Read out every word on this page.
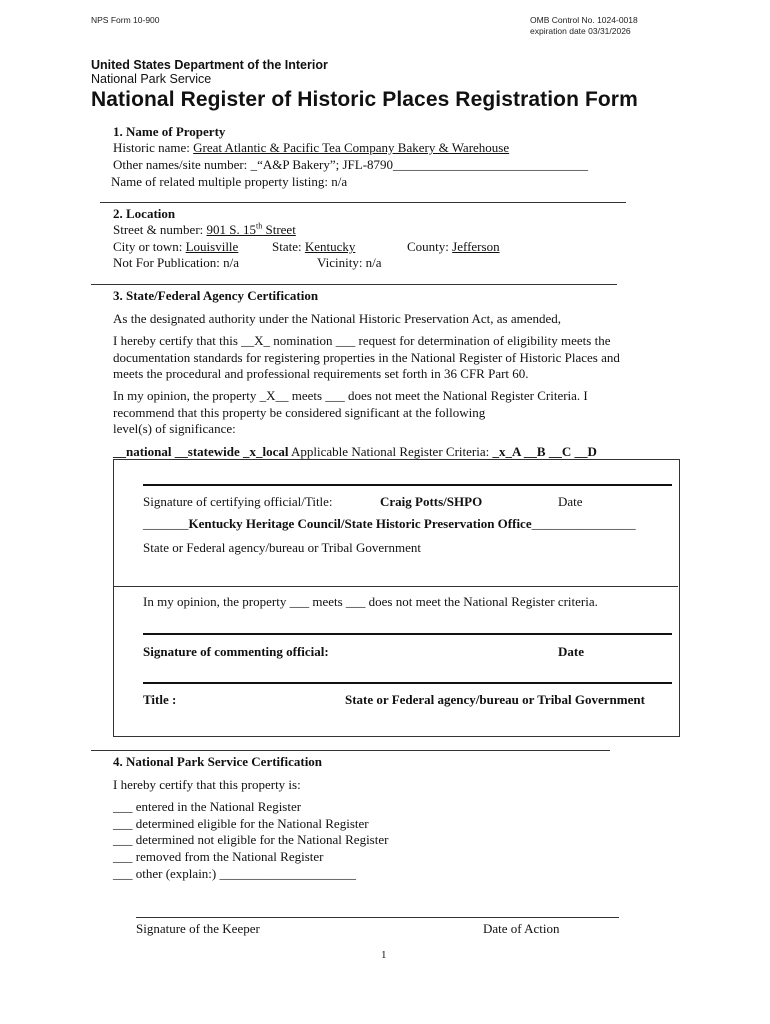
NPS Form 10-900	OMB Control No. 1024-0018
expiration date 03/31/2026
United States Department of the Interior
National Park Service
National Register of Historic Places Registration Form
1. Name of Property
Historic name: Great Atlantic & Pacific Tea Company Bakery & Warehouse
Other names/site number: _“A&P Bakery”; JFL-8790______________________________
Name of related multiple property listing: n/a
2. Location
Street & number: 901 S. 15th Street
City or town: Louisville	State: Kentucky	County: Jefferson
Not For Publication: n/a	Vicinity: n/a
3. State/Federal Agency Certification
As the designated authority under the National Historic Preservation Act, as amended,
I hereby certify that this __X_ nomination ___ request for determination of eligibility meets the
documentation standards for registering properties in the National Register of Historic Places and
meets the procedural and professional requirements set forth in 36 CFR Part 60.
In my opinion, the property _X__ meets ___ does not meet the National Register Criteria. I
recommend that this property be considered significant at the following
level(s) of significance:
__national __statewide _x_local Applicable National Register Criteria: _x_A __B __C __D
Signature of certifying official/Title:	Craig Potts/SHPO	Date
_______Kentucky Heritage Council/State Historic Preservation Office________________
State or Federal agency/bureau or Tribal Government
In my opinion, the property ___ meets ___ does not meet the National Register criteria.
Signature of commenting official:	Date
Title :	State or Federal agency/bureau or Tribal Government
4. National Park Service Certification
I hereby certify that this property is:
___ entered in the National Register
___ determined eligible for the National Register
___ determined not eligible for the National Register
___ removed from the National Register
___ other (explain:) _____________________
Signature of the Keeper	Date of Action
1
